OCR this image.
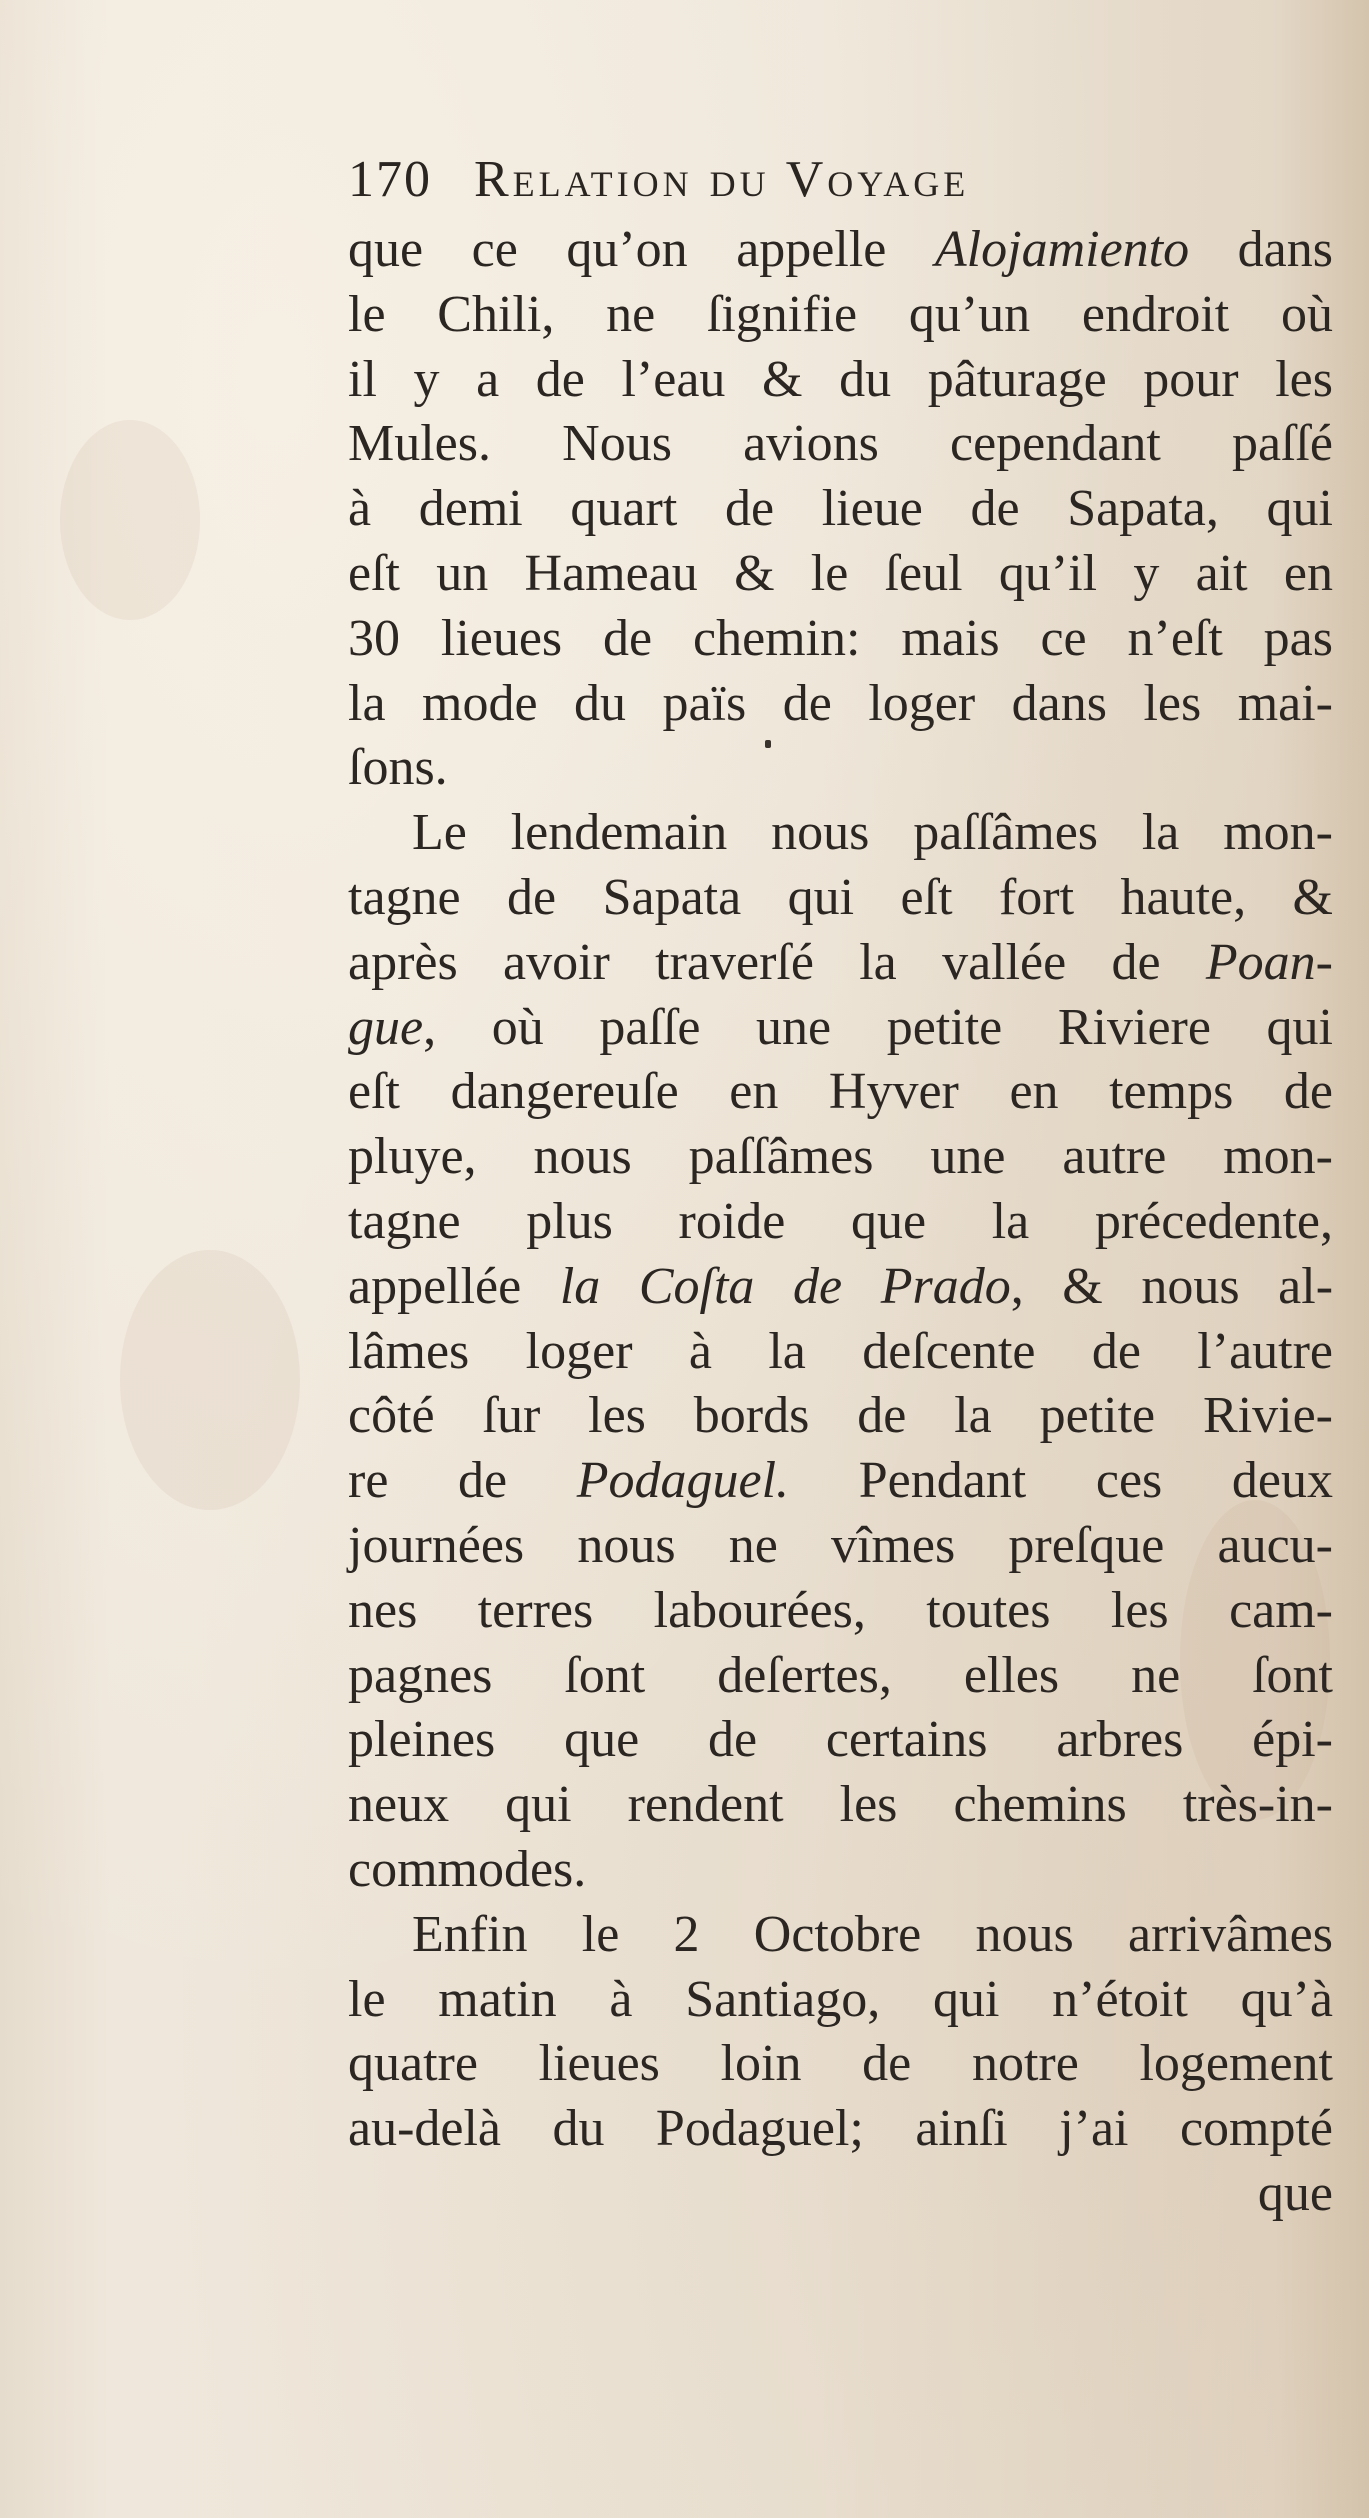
170 Relation du Voyage
que ce qu’on appelle Alojamiento dans
le Chili, ne ſignifie qu’un endroit où
il y a de l’eau & du pâturage pour les
Mules. Nous avions cependant paſſé
à demi quart de lieue de Sapata, qui
eſt un Hameau & le ſeul qu’il y ait en
30 lieues de chemin: mais ce n’eſt pas
la mode du païs de loger dans les mai-
ſons.
Le lendemain nous paſſâmes la mon-
tagne de Sapata qui eſt fort haute, &
après avoir traverſé la vallée de Poan-
gue, où paſſe une petite Riviere qui
eſt dangereuſe en Hyver en temps de
pluye, nous paſſâmes une autre mon-
tagne plus roide que la précedente,
appellée la Coſta de Prado, & nous al-
lâmes loger à la deſcente de l’autre
côté ſur les bords de la petite Rivie-
re de Podaguel. Pendant ces deux
journées nous ne vîmes preſque aucu-
nes terres labourées, toutes les cam-
pagnes ſont deſertes, elles ne ſont
pleines que de certains arbres épi-
neux qui rendent les chemins très-in-
commodes.
Enfin le 2 Octobre nous arrivâmes
le matin à Santiago, qui n’étoit qu’à
quatre lieues loin de notre logement
au-delà du Podaguel; ainſi j’ai compté
que
